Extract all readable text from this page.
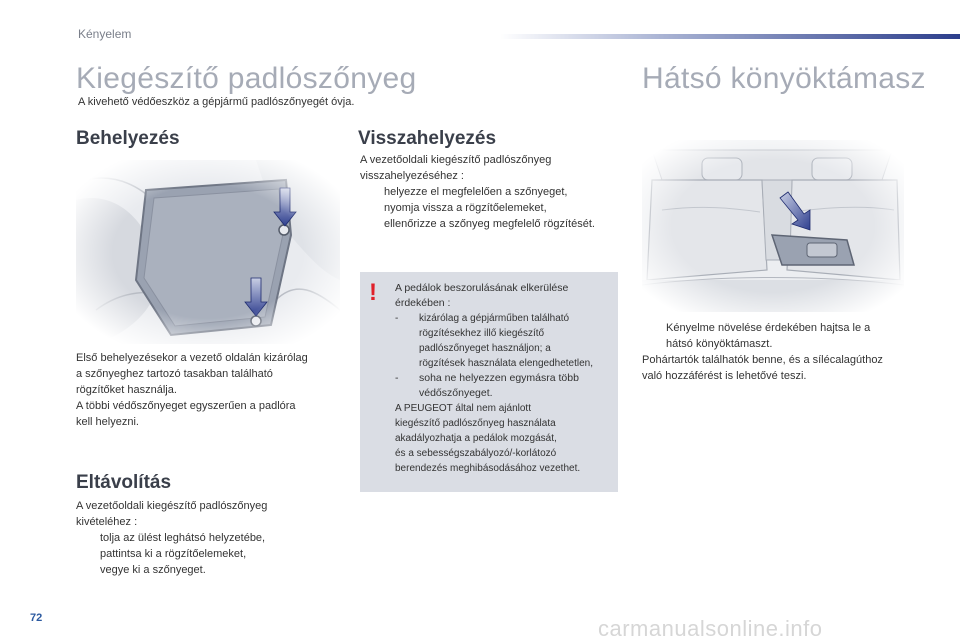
Kényelem
Kiegészítő padlószőnyeg
A kivehető védőeszköz a gépjármű padlószőnyegét óvja.
Behelyezés
Első behelyezésekor a vezető oldalán kizárólag
a szőnyeghez tartozó tasakban található
rögzítőket használja.
A többi védőszőnyeget egyszerűen a padlóra
kell helyezni.
Eltávolítás
A vezetőoldali kiegészítő padlószőnyeg
kivételéhez :
tolja az ülést leghátsó helyzetébe,
pattintsa ki a rögzítőelemeket,
vegye ki a szőnyeget.
Visszahelyezés
A vezetőoldali kiegészítő padlószőnyeg
visszahelyezéséhez :
helyezze el megfelelően a szőnyeget,
nyomja vissza a rögzítőelemeket,
ellenőrizze a szőnyeg megfelelő rögzítését.
! A pedálok beszorulásának elkerülése
érdekében :
-	kizárólag a gépjárműben található
rögzítésekhez illő kiegészítő
padlószőnyeget használjon; a
rögzítések használata elengedhetetlen,
-	soha ne helyezzen egymásra több
védőszőnyeget.
A PEUGEOT által nem ajánlott
kiegészítő padlószőnyeg használata
akadályozhatja a pedálok mozgását,
és a sebességszabályozó/-korlátozó
berendezés meghibásodásához vezethet.
Hátsó könyöktámasz
Kényelme növelése érdekében hajtsa le a
hátsó könyöktámaszt.
Pohártartók találhatók benne, és a sílécalagúthoz
való hozzáférést is lehetővé teszi.
72	carmanualsonline.info
